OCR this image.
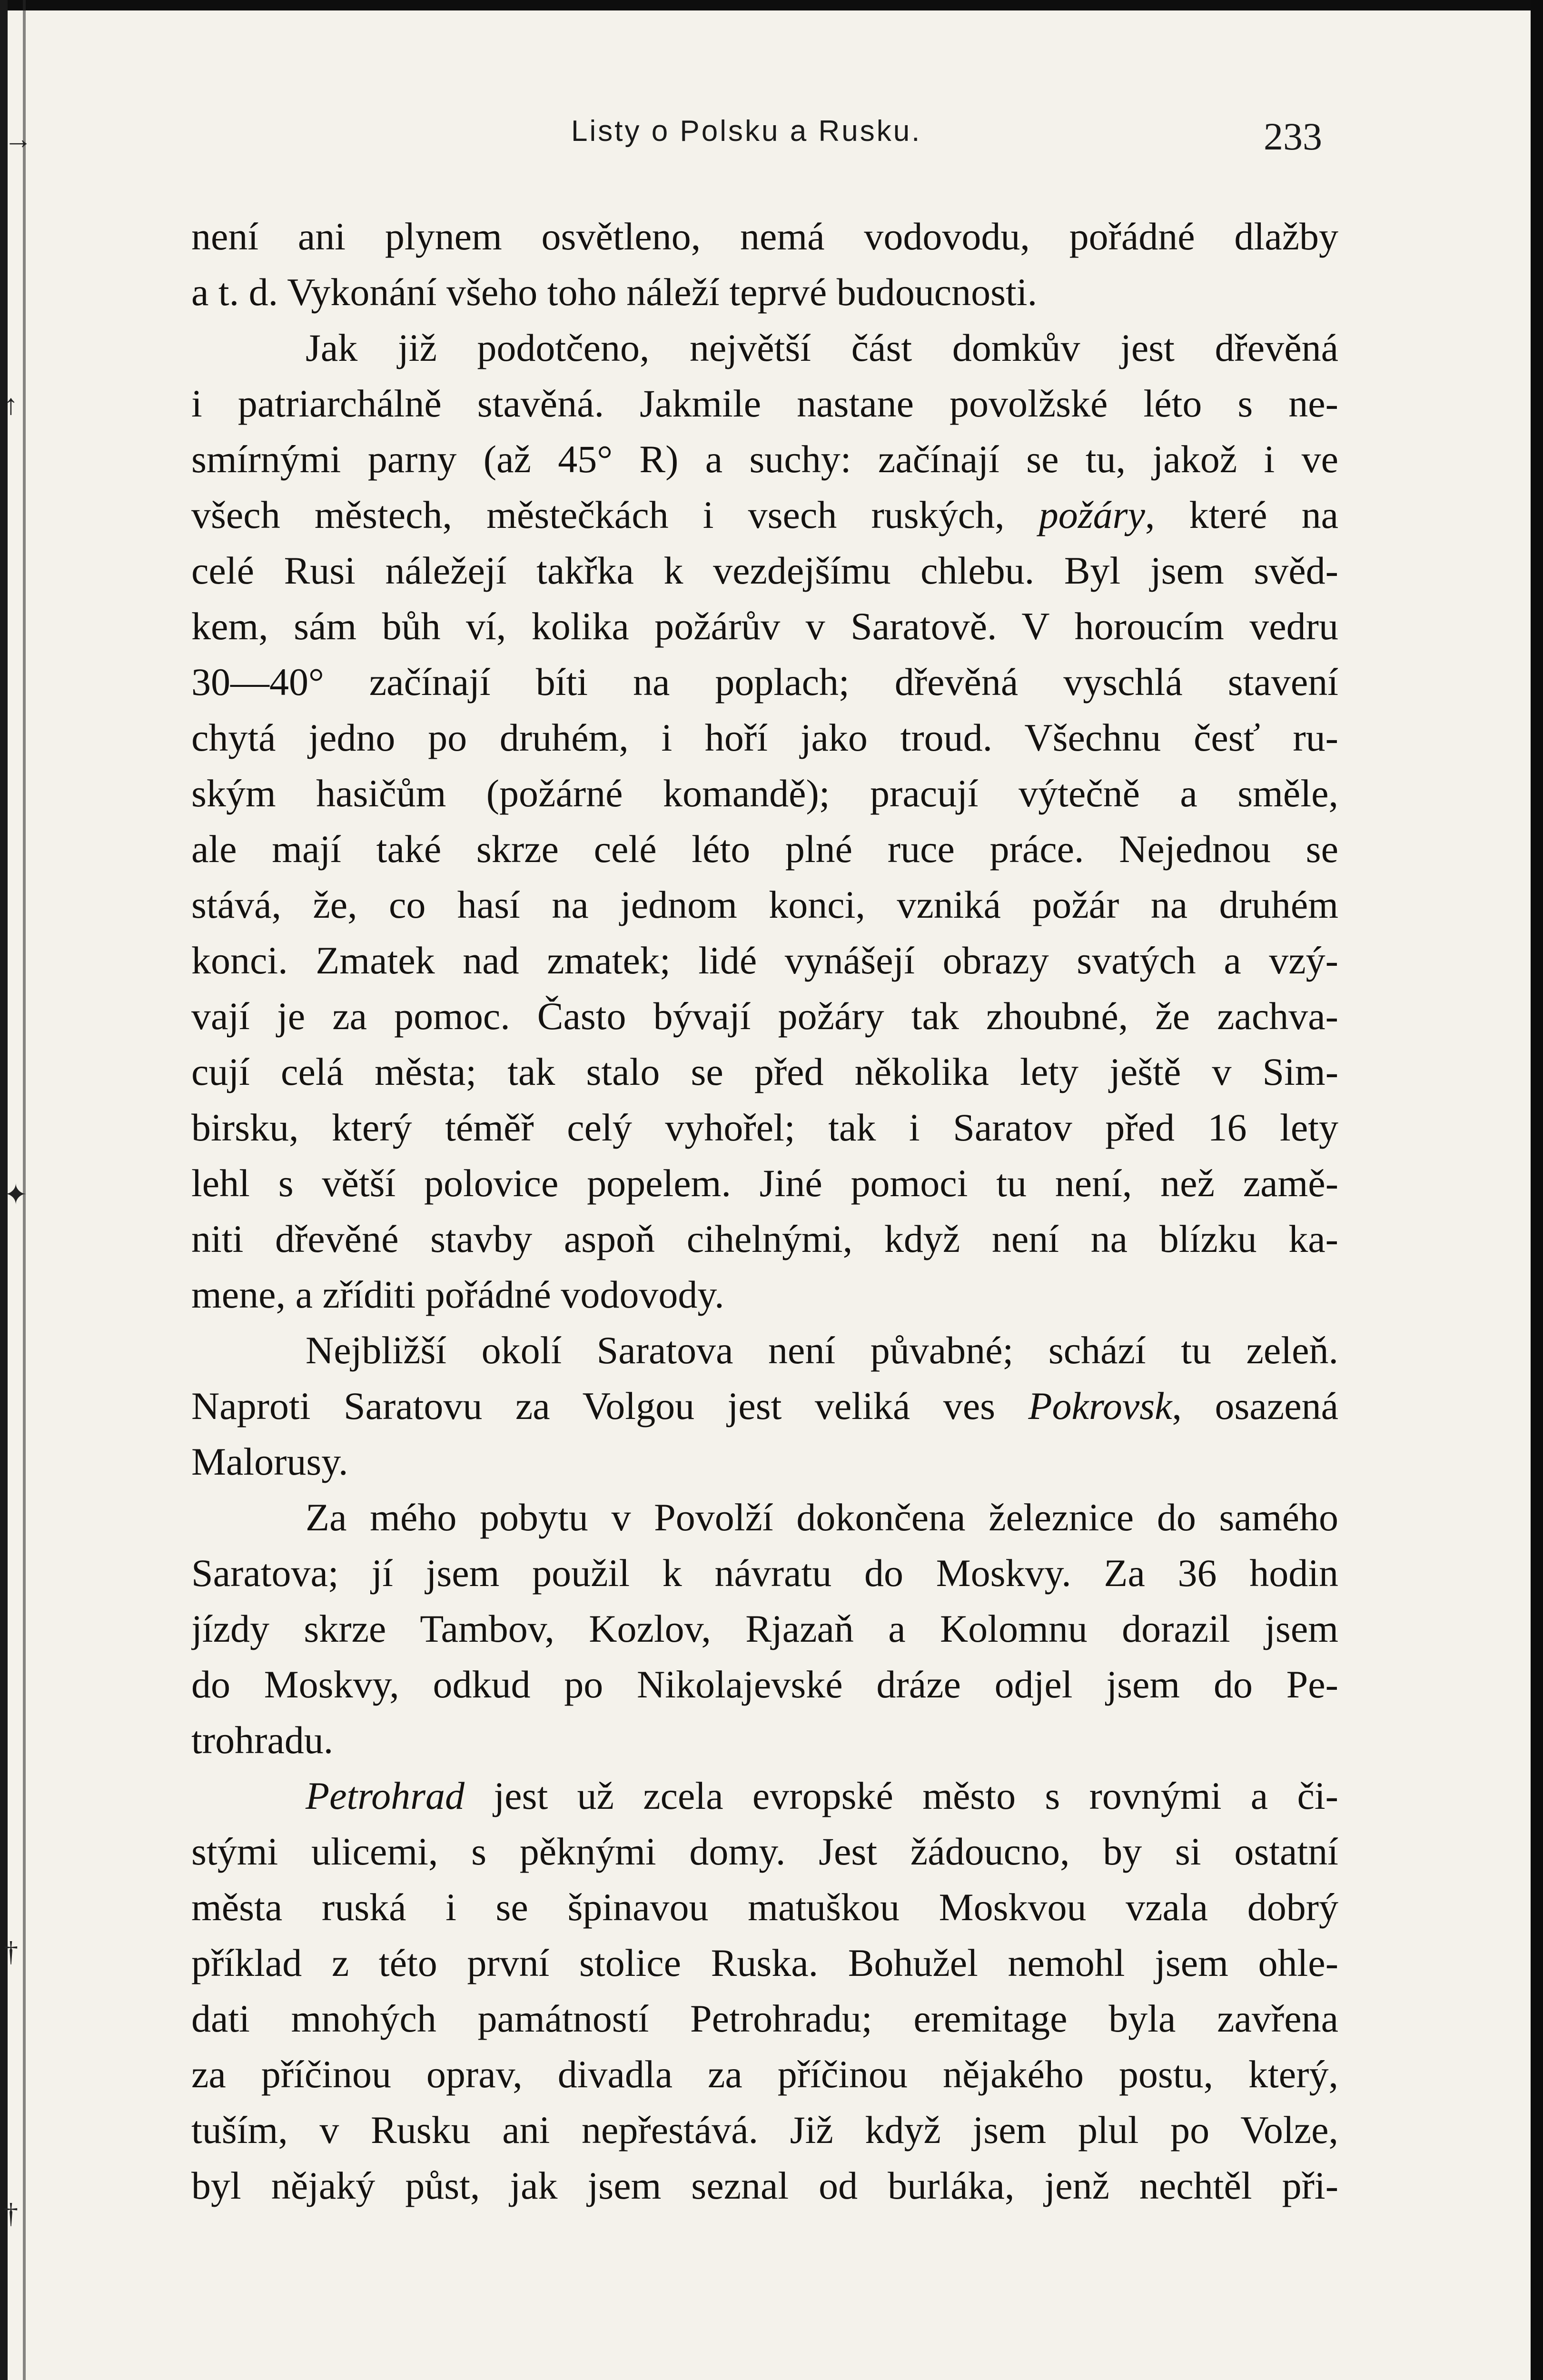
→
↑
✦
†
†
Listy o Polsku a Rusku.	233
není ani plynem osvětleno, nemá vodovodu, pořádné dlažby
a t. d. Vykonání všeho toho náleží teprvé budoucnosti.
Jak již podotčeno, největší část domkův jest dřevěná
i patriarchálně stavěná. Jakmile nastane povolžské léto s ne-
smírnými parny (až 45° R) a suchy: začínají se tu, jakož i ve
všech městech, městečkách i vsech ruských, požáry, které na
celé Rusi náležejí takřka k vezdejšímu chlebu. Byl jsem svěd-
kem, sám bůh ví, kolika požárův v Saratově. V horoucím vedru
30—40° začínají bíti na poplach; dřevěná vyschlá stavení
chytá jedno po druhém, i hoří jako troud. Všechnu česť ru-
ským hasičům (požárné komandě); pracují výtečně a směle,
ale mají také skrze celé léto plné ruce práce. Nejednou se
stává, že, co hasí na jednom konci, vzniká požár na druhém
konci. Zmatek nad zmatek; lidé vynášejí obrazy svatých a vzý-
vají je za pomoc. Často bývají požáry tak zhoubné, že zachva-
cují celá města; tak stalo se před několika lety ještě v Sim-
birsku, který téměř celý vyhořel; tak i Saratov před 16 lety
lehl s větší polovice popelem. Jiné pomoci tu není, než zamě-
niti dřevěné stavby aspoň cihelnými, když není na blízku ka-
mene, a zříditi pořádné vodovody.
Nejbližší okolí Saratova není půvabné; schází tu zeleň.
Naproti Saratovu za Volgou jest veliká ves Pokrovsk, osazená
Malorusy.
Za mého pobytu v Povolží dokončena železnice do samého
Saratova; jí jsem použil k návratu do Moskvy. Za 36 hodin
jízdy skrze Tambov, Kozlov, Rjazaň a Kolomnu dorazil jsem
do Moskvy, odkud po Nikolajevské dráze odjel jsem do Pe-
trohradu.
Petrohrad jest už zcela evropské město s rovnými a či-
stými ulicemi, s pěknými domy. Jest žádoucno, by si ostatní
města ruská i se špinavou matuškou Moskvou vzala dobrý
příklad z této první stolice Ruska. Bohužel nemohl jsem ohle-
dati mnohých památností Petrohradu; eremitage byla zavřena
za příčinou oprav, divadla za příčinou nějakého postu, který,
tuším, v Rusku ani nepřestává. Již když jsem plul po Volze,
byl nějaký půst, jak jsem seznal od burláka, jenž nechtěl při-
